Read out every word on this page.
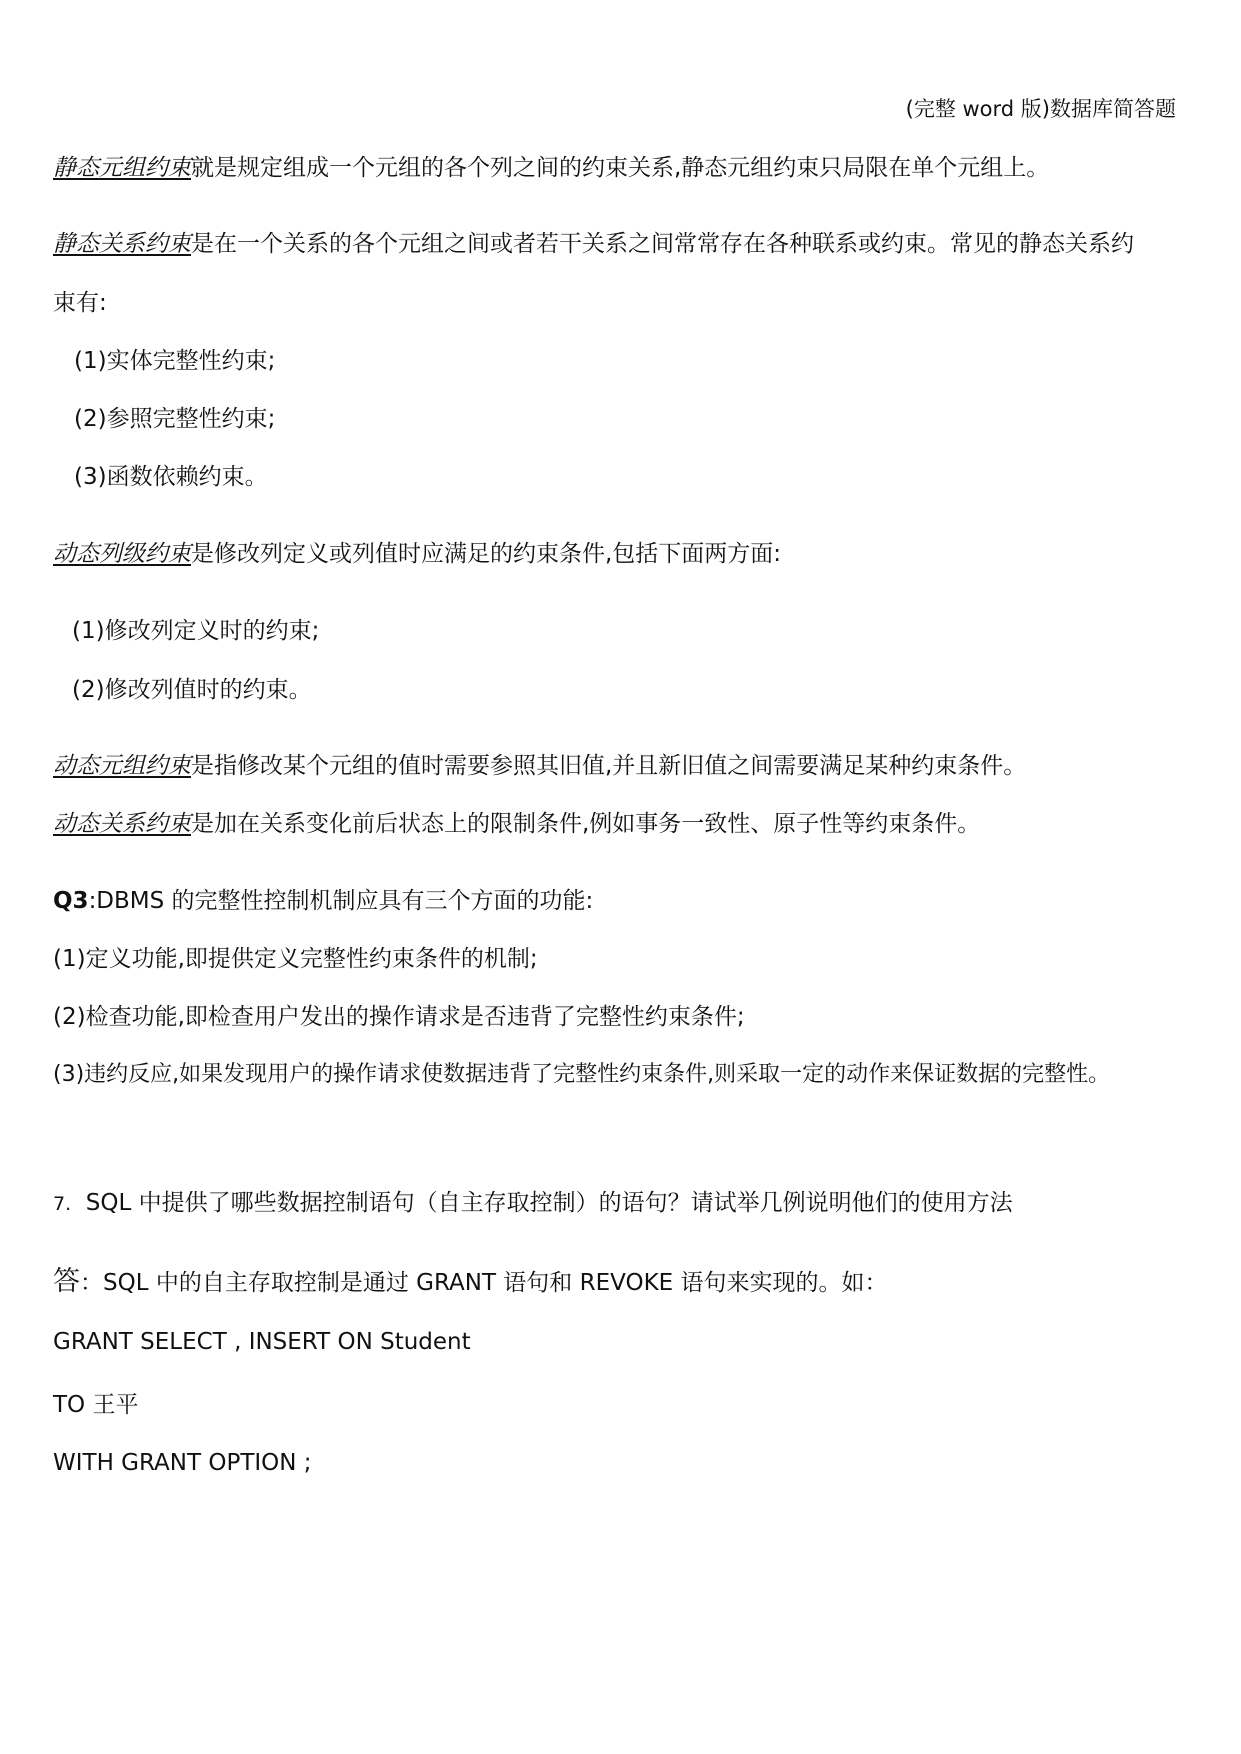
(完整 word 版)数据库简答题
静态元组约束就是规定组成一个元组的各个列之间的约束关系,静态元组约束只局限在单个元组上。
静态关系约束是在一个关系的各个元组之间或者若干关系之间常常存在各种联系或约束。常见的静态关系约
束有:
(1)实体完整性约束;
(2)参照完整性约束;
(3)函数依赖约束。
动态列级约束是修改列定义或列值时应满足的约束条件,包括下面两方面:
(1)修改列定义时的约束;
(2)修改列值时的约束。
动态元组约束是指修改某个元组的值时需要参照其旧值,并且新旧值之间需要满足某种约束条件。
动态关系约束是加在关系变化前后状态上的限制条件,例如事务一致性、原子性等约束条件。
Q3:DBMS 的完整性控制机制应具有三个方面的功能:
(1)定义功能,即提供定义完整性约束条件的机制;
(2)检查功能,即检查用户发出的操作请求是否违背了完整性约束条件;
(3)违约反应,如果发现用户的操作请求使数据违背了完整性约束条件,则采取一定的动作来保证数据的完整性。
7. SQL 中提供了哪些数据控制语句（自主存取控制）的语句？请试举几例说明他们的使用方法
答：SQL 中的自主存取控制是通过 GRANT 语句和 REVOKE 语句来实现的。如：
GRANT SELECT , INSERT ON Student
TO 王平
WITH GRANT OPTION ;
